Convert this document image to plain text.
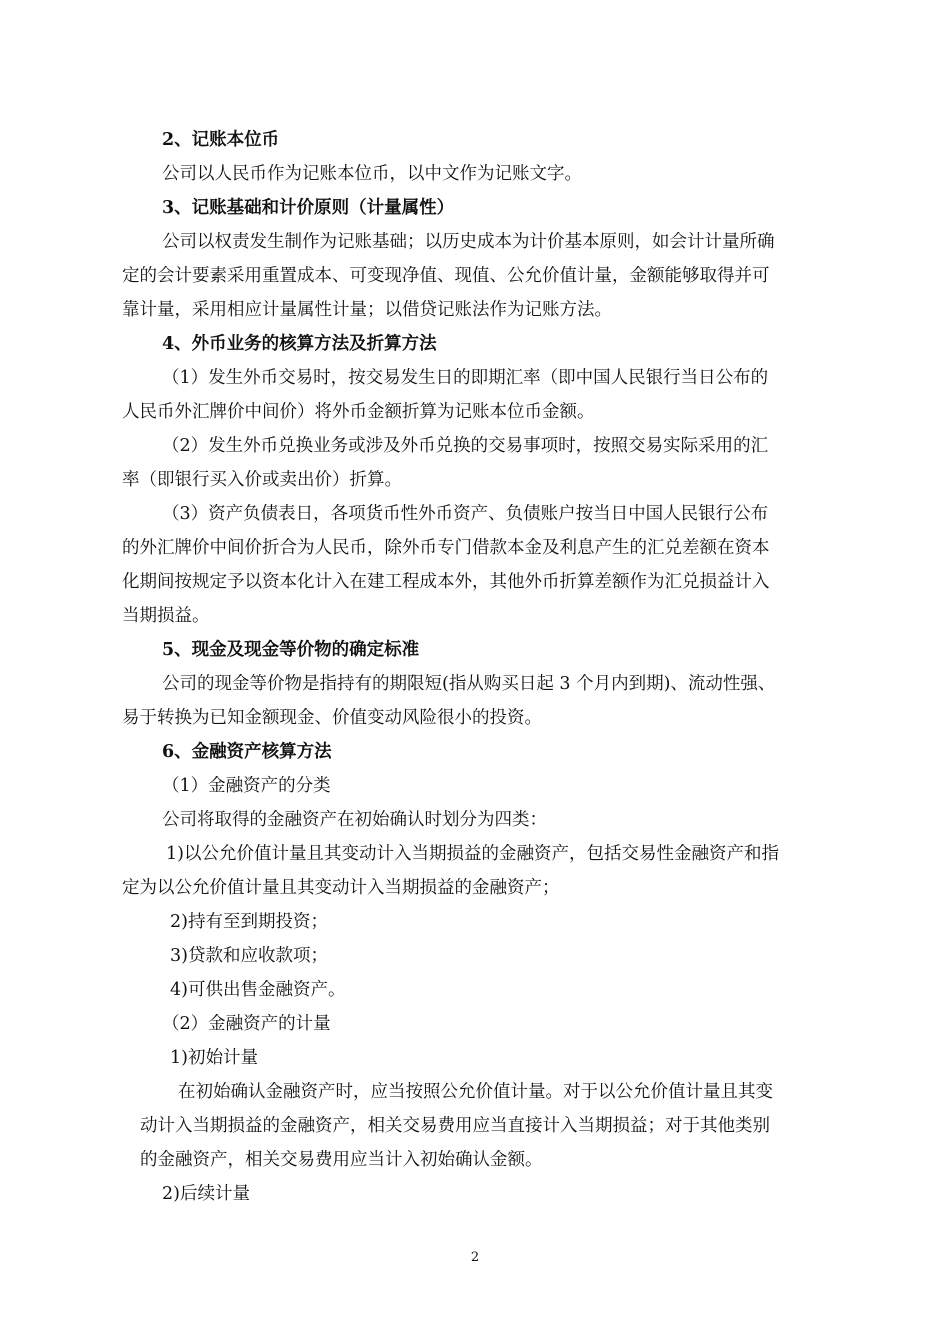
2、记账本位币
公司以人民币作为记账本位币，以中文作为记账文字。
3、记账基础和计价原则（计量属性）
公司以权责发生制作为记账基础；以历史成本为计价基本原则，如会计计量所确
定的会计要素采用重置成本、可变现净值、现值、公允价值计量，金额能够取得并可
靠计量，采用相应计量属性计量；以借贷记账法作为记账方法。
4、外币业务的核算方法及折算方法
（1）发生外币交易时，按交易发生日的即期汇率（即中国人民银行当日公布的
人民币外汇牌价中间价）将外币金额折算为记账本位币金额。
（2）发生外币兑换业务或涉及外币兑换的交易事项时，按照交易实际采用的汇
率（即银行买入价或卖出价）折算。
（3）资产负债表日，各项货币性外币资产、负债账户按当日中国人民银行公布
的外汇牌价中间价折合为人民币，除外币专门借款本金及利息产生的汇兑差额在资本
化期间按规定予以资本化计入在建工程成本外，其他外币折算差额作为汇兑损益计入
当期损益。
5、现金及现金等价物的确定标准
公司的现金等价物是指持有的期限短(指从购买日起 3 个月内到期)、流动性强、
易于转换为已知金额现金、价值变动风险很小的投资。
6、金融资产核算方法
（1）金融资产的分类
公司将取得的金融资产在初始确认时划分为四类：
1)以公允价值计量且其变动计入当期损益的金融资产，包括交易性金融资产和指
定为以公允价值计量且其变动计入当期损益的金融资产；
2)持有至到期投资；
3)贷款和应收款项；
4)可供出售金融资产。
（2）金融资产的计量
1)初始计量
在初始确认金融资产时，应当按照公允价值计量。对于以公允价值计量且其变
动计入当期损益的金融资产，相关交易费用应当直接计入当期损益；对于其他类别
的金融资产，相关交易费用应当计入初始确认金额。
2)后续计量
2
